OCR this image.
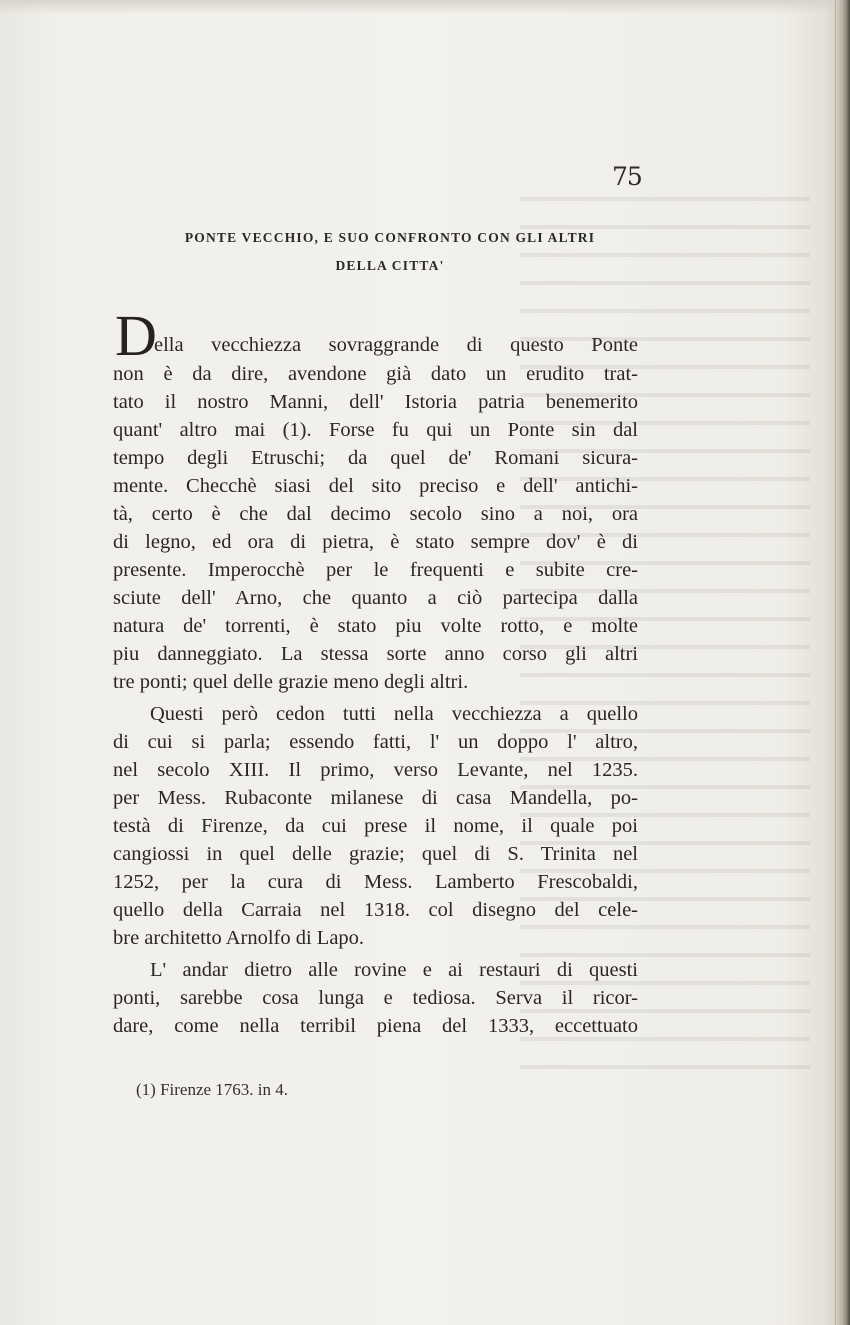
75
PONTE VECCHIO, E SUO CONFRONTO CON GLI ALTRI
DELLA CITTA'
D
ella vecchiezza sovraggrande di questo Ponte
non è da dire, avendone già dato un erudito trat-
tato il nostro Manni, dell' Istoria patria benemerito
quant' altro mai (1). Forse fu qui un Ponte sin dal
tempo degli Etruschi; da quel de' Romani sicura-
mente. Checchè siasi del sito preciso e dell' antichi-
tà, certo è che dal decimo secolo sino a noi, ora
di legno, ed ora di pietra, è stato sempre dov' è di
presente. Imperocchè per le frequenti e subite cre-
sciute dell' Arno, che quanto a ciò partecipa dalla
natura de' torrenti, è stato piu volte rotto, e molte
piu danneggiato. La stessa sorte anno corso gli altri
tre ponti; quel delle grazie meno degli altri.
Questi però cedon tutti nella vecchiezza a quello
di cui si parla; essendo fatti, l' un doppo l' altro,
nel secolo XIII. Il primo, verso Levante, nel 1235.
per Mess. Rubaconte milanese di casa Mandella, po-
testà di Firenze, da cui prese il nome, il quale poi
cangiossi in quel delle grazie; quel di S. Trinita nel
1252, per la cura di Mess. Lamberto Frescobaldi,
quello della Carraia nel 1318. col disegno del cele-
bre architetto Arnolfo di Lapo.
L' andar dietro alle rovine e ai restauri di questi
ponti, sarebbe cosa lunga e tediosa. Serva il ricor-
dare, come nella terribil piena del 1333, eccettuato
(1) Firenze 1763. in 4.
